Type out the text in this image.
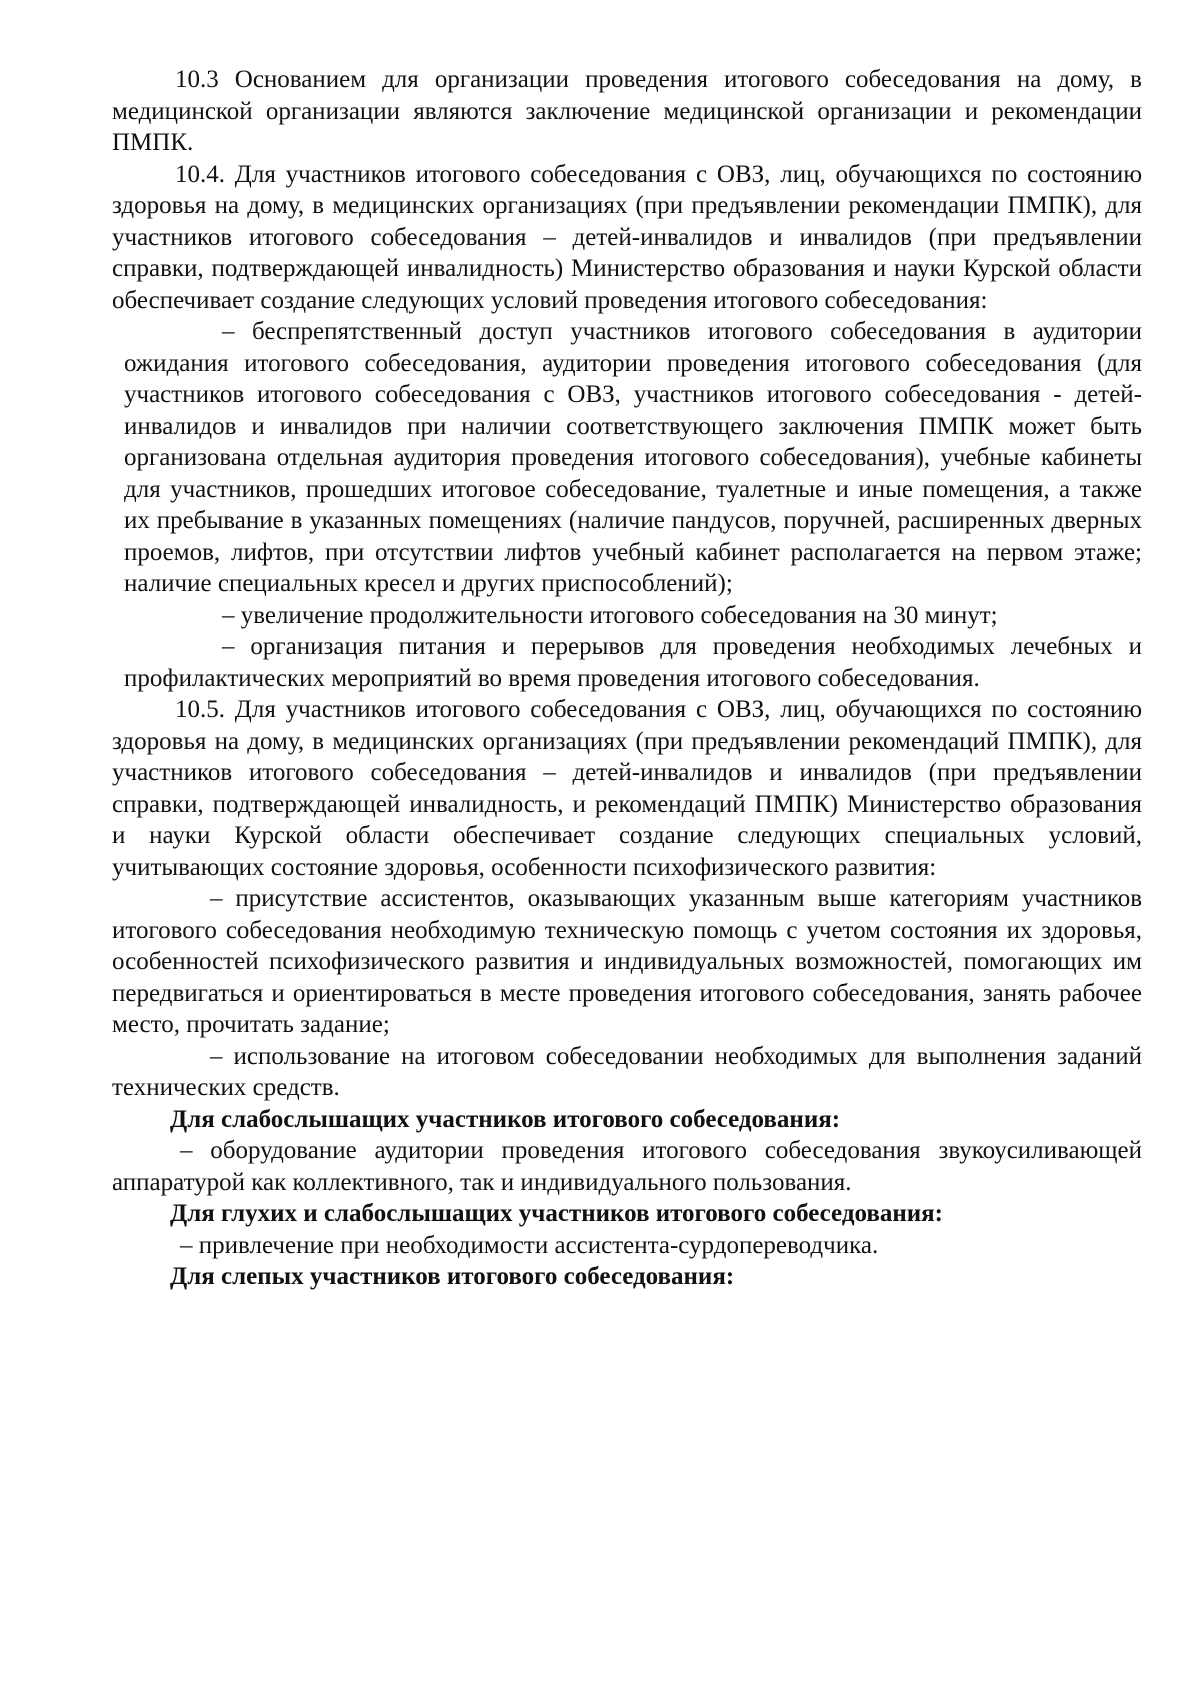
10.3 Основанием для организации проведения итогового собеседования на дому, в медицинской организации являются заключение медицинской организации и рекомендации ПМПК.

10.4. Для участников итогового собеседования с ОВЗ, лиц, обучающихся по состоянию здоровья на дому, в медицинских организациях (при предъявлении рекомендации ПМПК), для участников итогового собеседования – детей-инвалидов и инвалидов (при предъявлении справки, подтверждающей инвалидность) Министерство образования и науки Курской области обеспечивает создание следующих условий проведения итогового собеседования:

– беспрепятственный доступ участников итогового собеседования в аудитории ожидания итогового собеседования, аудитории проведения итогового собеседования (для участников итогового собеседования с ОВЗ, участников итогового собеседования - детей-инвалидов и инвалидов при наличии соответствующего заключения ПМПК может быть организована отдельная аудитория проведения итогового собеседования), учебные кабинеты для участников, прошедших итоговое собеседование, туалетные и иные помещения, а также их пребывание в указанных помещениях (наличие пандусов, поручней, расширенных дверных проемов, лифтов, при отсутствии лифтов учебный кабинет располагается на первом этаже; наличие специальных кресел и других приспособлений);

– увеличение продолжительности итогового собеседования на 30 минут;

– организация питания и перерывов для проведения необходимых лечебных и профилактических мероприятий во время проведения итогового собеседования.

10.5. Для участников итогового собеседования с ОВЗ, лиц, обучающихся по состоянию здоровья на дому, в медицинских организациях (при предъявлении рекомендаций ПМПК), для участников итогового собеседования – детей-инвалидов и инвалидов (при предъявлении справки, подтверждающей инвалидность, и рекомендаций ПМПК) Министерство образования и науки Курской области обеспечивает создание следующих специальных условий, учитывающих состояние здоровья, особенности психофизического развития:

– присутствие ассистентов, оказывающих указанным выше категориям участников итогового собеседования необходимую техническую помощь с учетом состояния их здоровья, особенностей психофизического развития и индивидуальных возможностей, помогающих им передвигаться и ориентироваться в месте проведения итогового собеседования, занять рабочее место, прочитать задание;

– использование на итоговом собеседовании необходимых для выполнения заданий технических средств.

Для слабослышащих участников итогового собеседования:

– оборудование аудитории проведения итогового собеседования звукоусиливающей аппаратурой как коллективного, так и индивидуального пользования.

Для глухих и слабослышащих участников итогового собеседования:

– привлечение при необходимости ассистента-сурдопереводчика.

Для слепых участников итогового собеседования:
